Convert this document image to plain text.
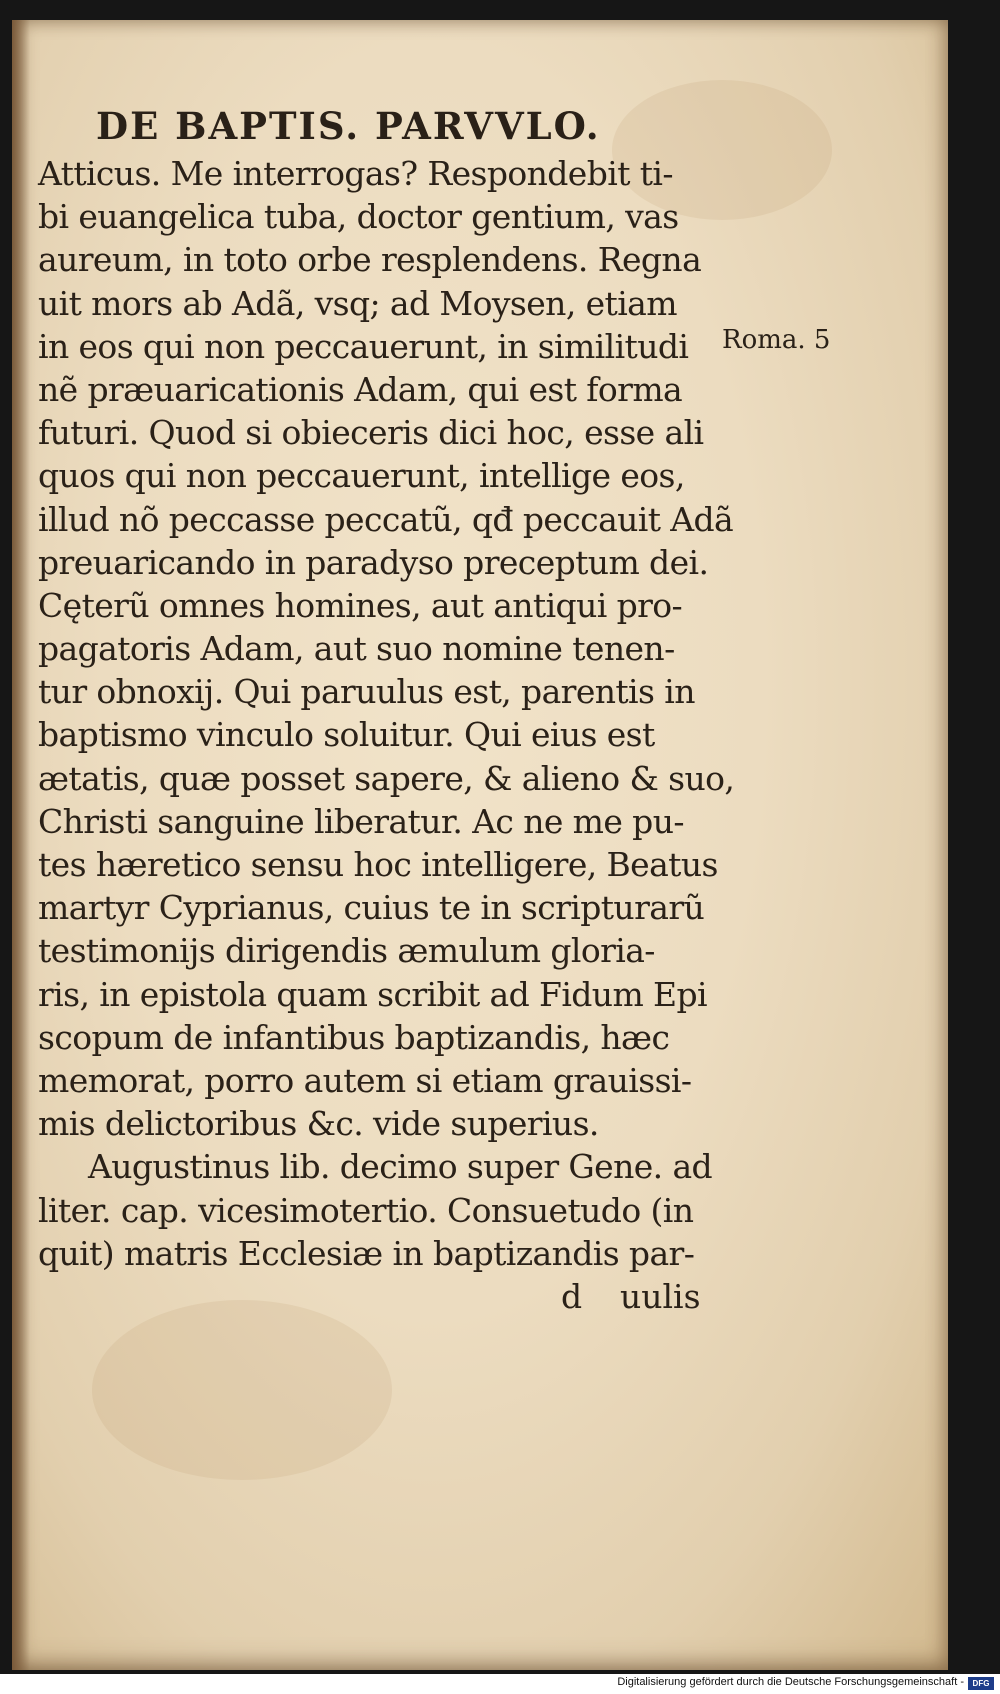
DE BAPTIS. PARVVLO.
Atticus. Me interrogas? Respondebit ti-
bi euangelica tuba, doctor gentium, vas
aureum, in toto orbe resplendens. Regna
uit mors ab Adã, vsq; ad Moysen, etiam
in eos qui non peccauerunt, in similitudi
nẽ præuaricationis Adam, qui est forma
futuri. Quod si obieceris dici hoc, esse ali
quos qui non peccauerunt, intellige eos,
illud nõ peccasse peccatũ, qđ peccauit Adã
preuaricando in paradyso preceptum dei.
Cęterũ omnes homines, aut antiqui pro-
pagatoris Adam, aut suo nomine tenen-
tur obnoxij. Qui paruulus est, parentis in
baptismo vinculo soluitur. Qui eius est
ætatis, quæ posset sapere, & alieno & suo,
Christi sanguine liberatur. Ac ne me pu-
tes hæretico sensu hoc intelligere, Beatus
martyr Cyprianus, cuius te in scripturarũ
testimonijs dirigendis æmulum gloria-
ris, in epistola quam scribit ad Fidum Epi
scopum de infantibus baptizandis, hæc
memorat, porro autem si etiam grauissi-
mis delictoribus &c. vide superius.
Augustinus lib. decimo super Gene. ad
liter. cap. vicesimotertio. Consuetudo (in
quit) matris Ecclesiæ in baptizandis par-
d uulis
Roma. 5
Digitalisierung gefördert durch die Deutsche Forschungsgemeinschaft -	DFG
